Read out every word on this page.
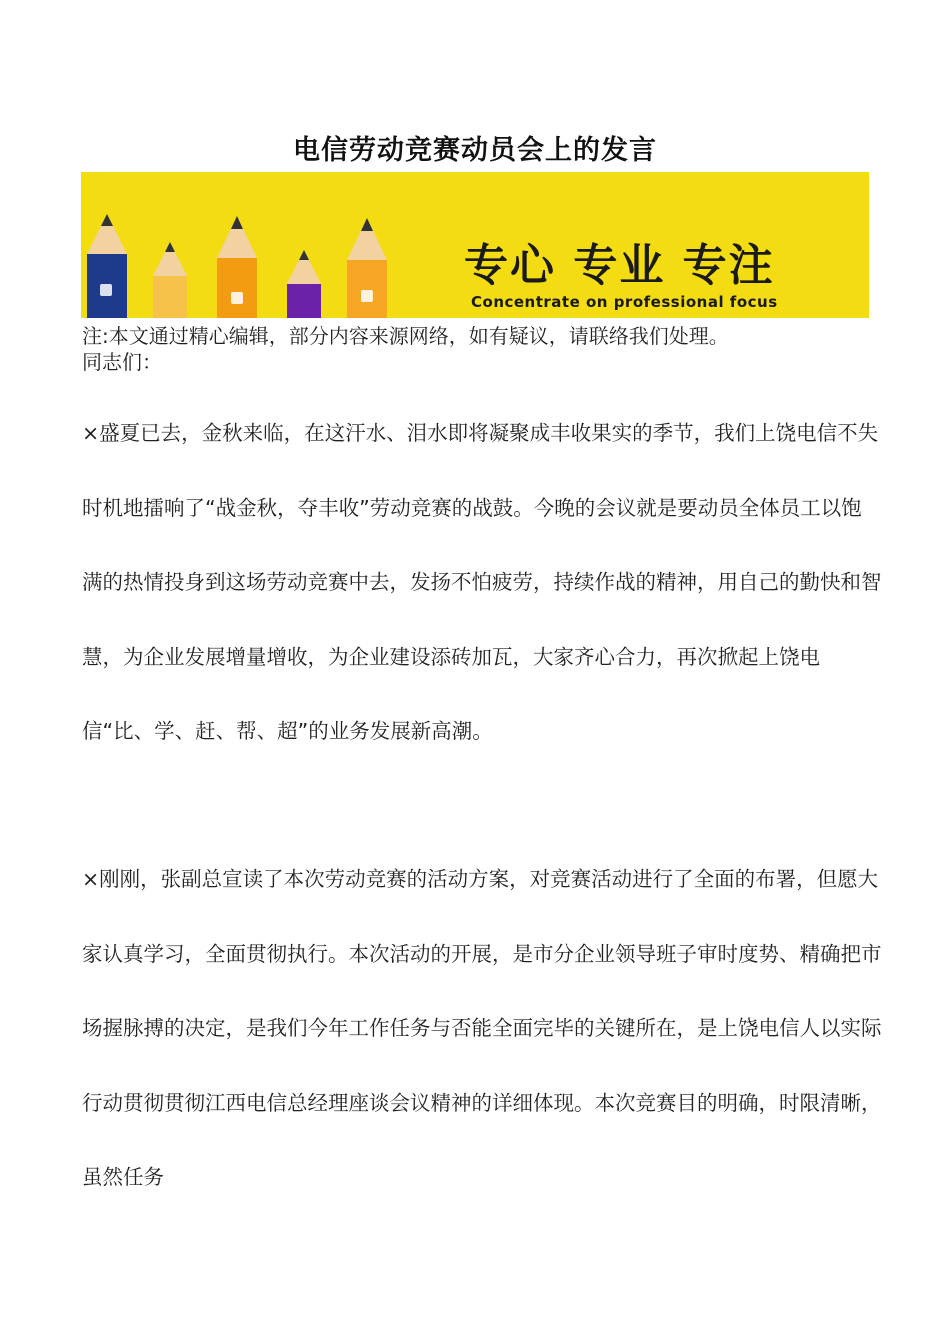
电信劳动竞赛动员会上的发言
专心 专业 专注
Concentrate on professional focus
注:本文通过精心编辑，部分内容来源网络，如有疑议，请联络我们处理。
同志们：
×盛夏已去，金秋来临，在这汗水、泪水即将凝聚成丰收果实的季节，我们上饶电信不失时机地擂响了“战金秋，夺丰收”劳动竞赛的战鼓。今晚的会议就是要动员全体员工以饱满的热情投身到这场劳动竞赛中去，发扬不怕疲劳，持续作战的精神，用自己的勤快和智慧，为企业发展增量增收，为企业建设添砖加瓦，大家齐心合力，再次掀起上饶电信“比、学、赶、帮、超”的业务发展新高潮。
×刚刚，张副总宣读了本次劳动竞赛的活动方案，对竞赛活动进行了全面的布署，但愿大家认真学习，全面贯彻执行。本次活动的开展，是市分企业领导班子审时度势、精确把市场握脉搏的决定，是我们今年工作任务与否能全面完毕的关键所在，是上饶电信人以实际行动贯彻贯彻江西电信总经理座谈会议精神的详细体现。本次竞赛目的明确，时限清晰，虽然任务
